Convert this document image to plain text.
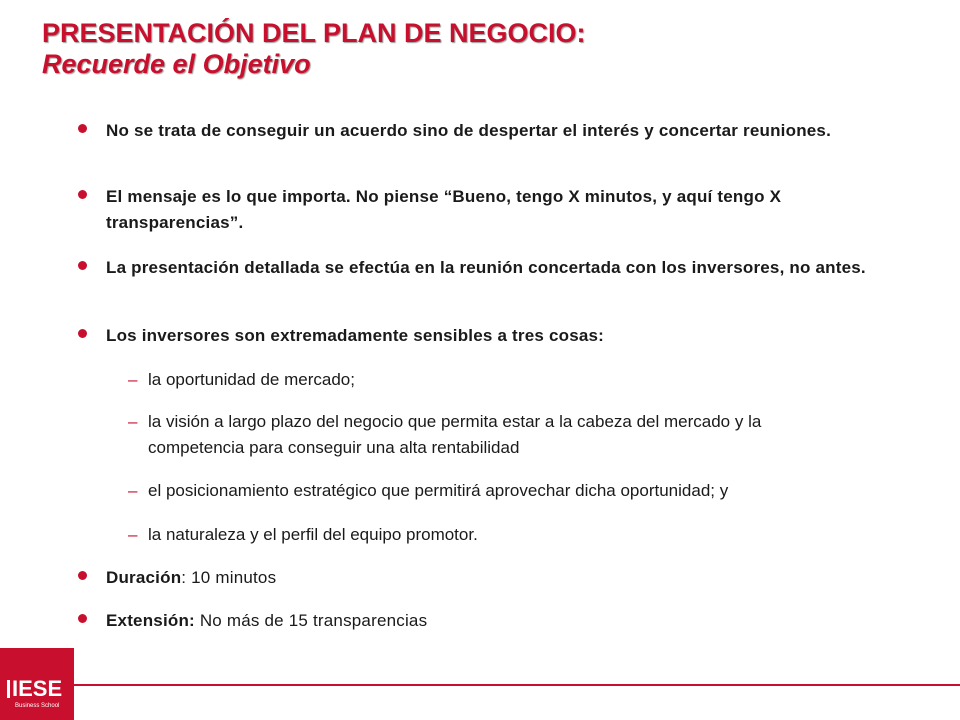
PRESENTACIÓN DEL PLAN DE NEGOCIO:
Recuerde el Objetivo
No se trata de conseguir un acuerdo sino de despertar el interés y concertar reuniones.
El mensaje es lo que importa. No piense “Bueno, tengo X minutos, y aquí tengo X transparencias”.
La presentación detallada se efectúa en la reunión concertada con los inversores, no antes.
Los inversores son extremadamente sensibles a tres cosas:
– la oportunidad de mercado;
– la visión a largo plazo del negocio que permita estar a la cabeza del mercado y la competencia para conseguir una alta rentabilidad
– el posicionamiento estratégico que permitirá aprovechar dicha oportunidad; y
– la naturaleza y el perfil del equipo promotor.
Duración: 10 minutos
Extensión: No más de 15 transparencias
IESE
Business School
